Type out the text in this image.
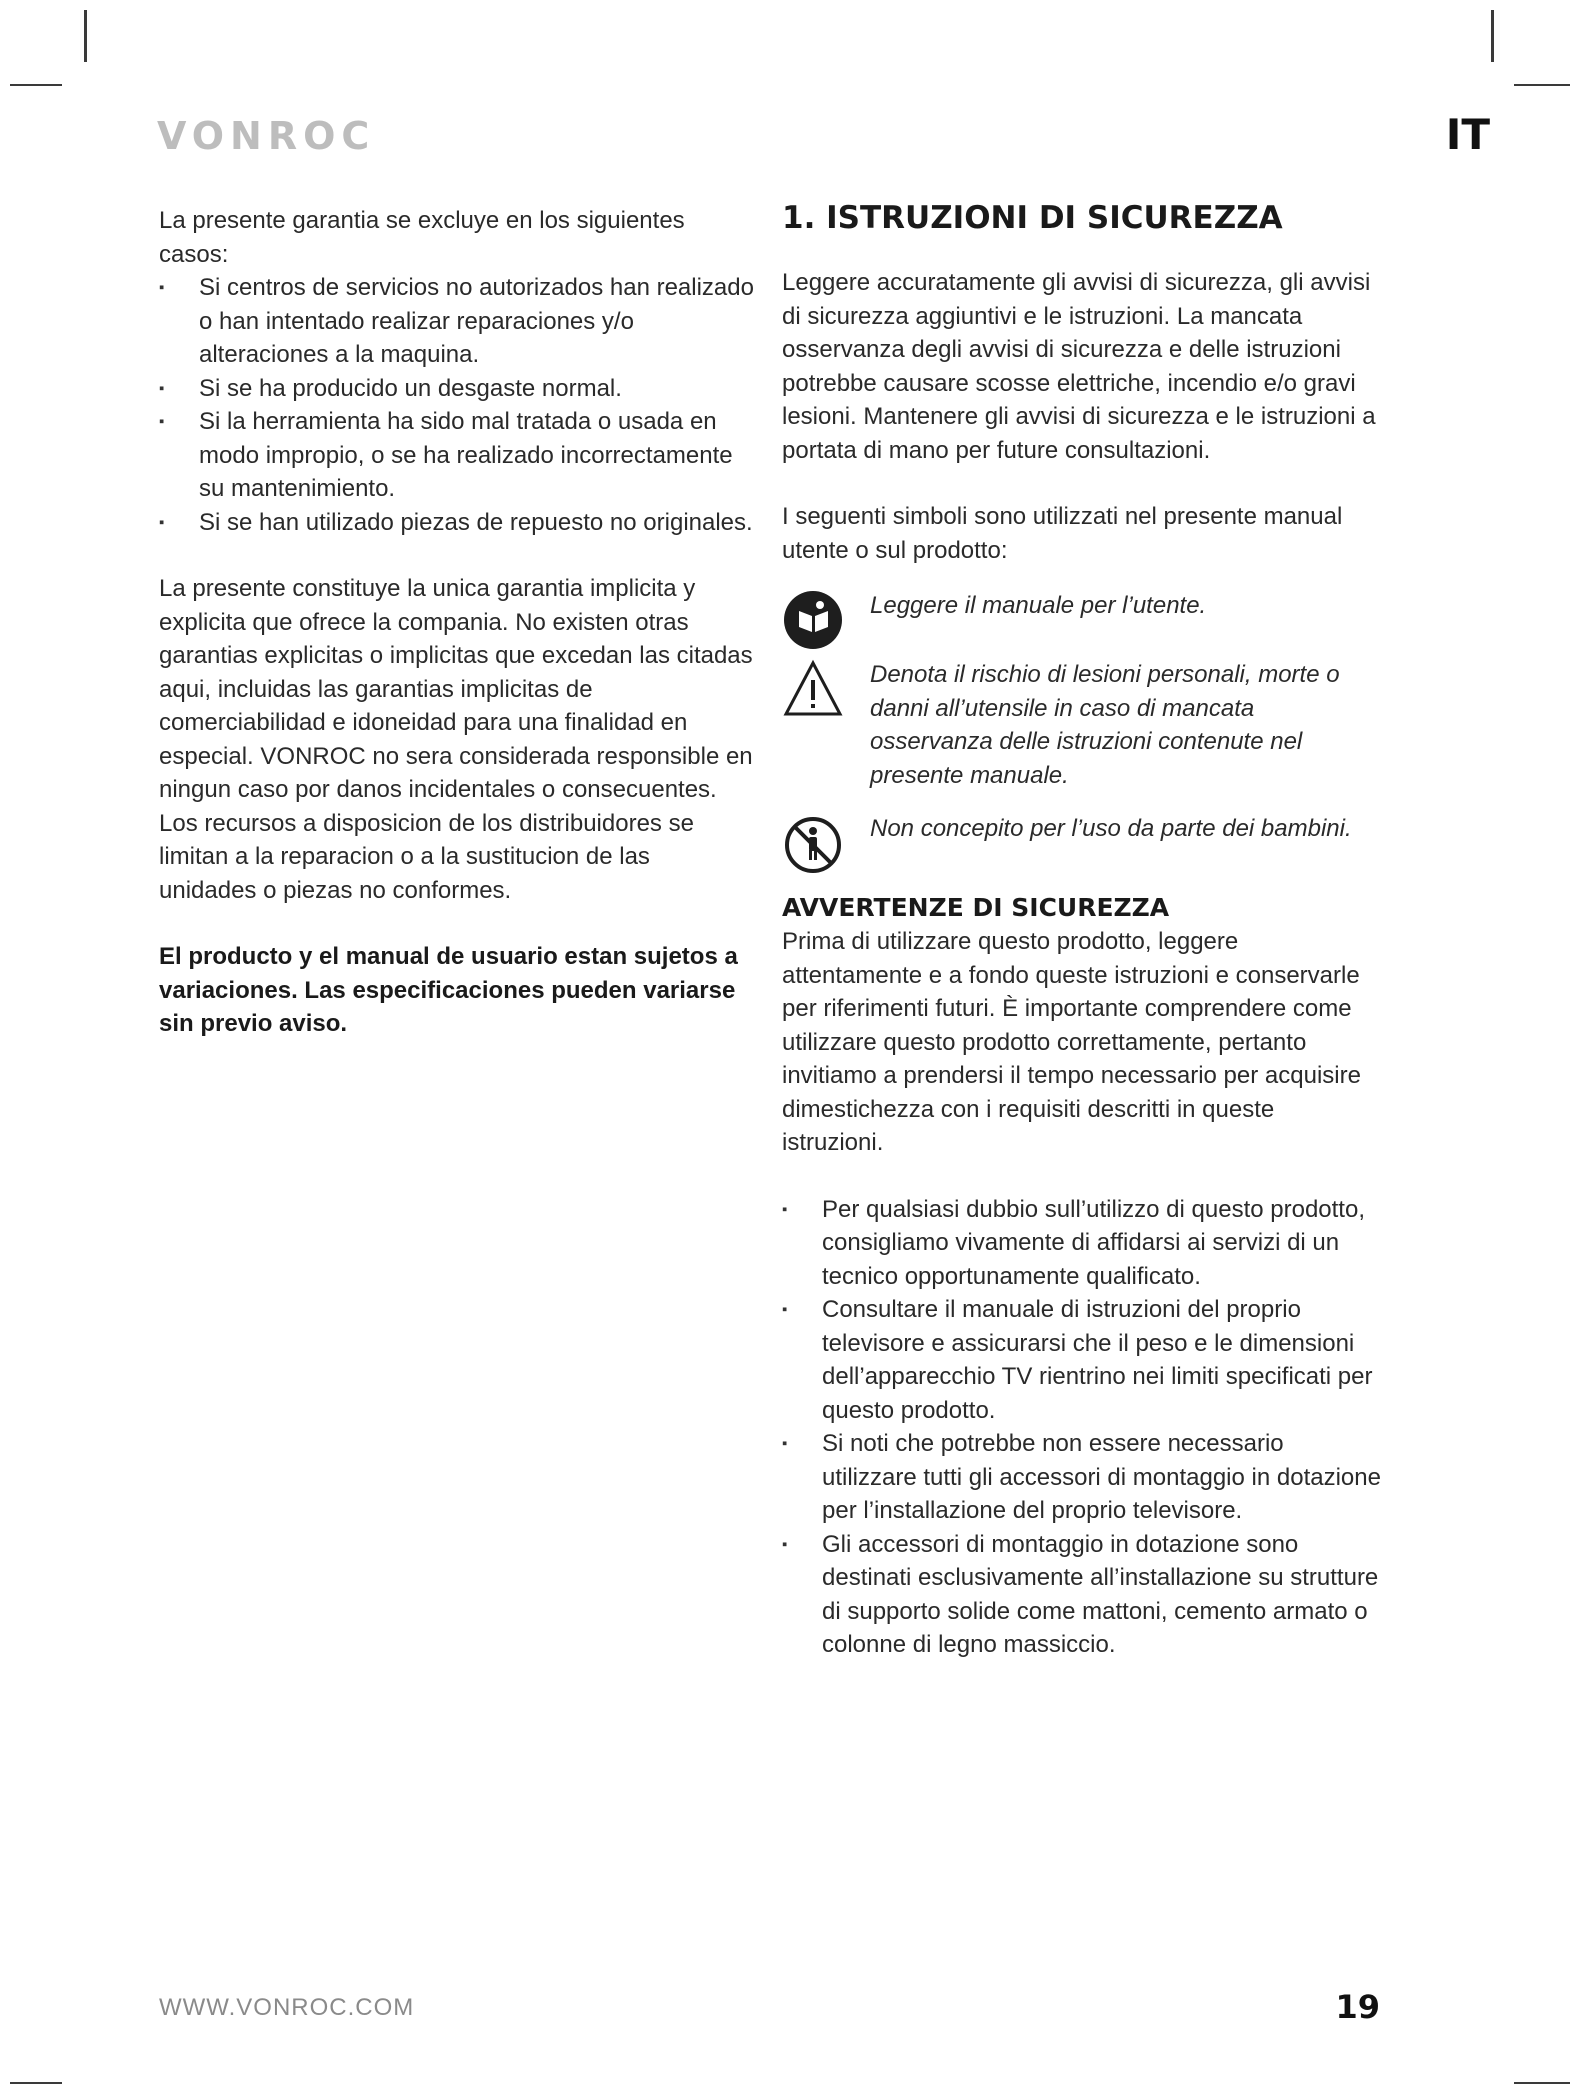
VONROC	IT

La presente garantia se excluye en los siguientes casos:

▪ Si centros de servicios no autorizados han realizado o han intentado realizar reparaciones y/o alteraciones a la maquina.
▪ Si se ha producido un desgaste normal.
▪ Si la herramienta ha sido mal tratada o usada en modo impropio, o se ha realizado incorrectamente su mantenimiento.
▪ Si se han utilizado piezas de repuesto no originales.

La presente constituye la unica garantia implicita y explicita que ofrece la compania. No existen otras garantias explicitas o implicitas que excedan las citadas aqui, incluidas las garantias implicitas de comerciabilidad e idoneidad para una finalidad en especial. VONROC no sera considerada responsible en ningun caso por danos incidentales o consecuentes.

Los recursos a disposicion de los distribuidores se limitan a la reparacion o a la sustitucion de las unidades o piezas no conformes.

El producto y el manual de usuario estan sujetos a variaciones. Las especificaciones pueden variarse sin previo aviso.

1. ISTRUZIONI DI SICUREZZA

Leggere accuratamente gli avvisi di sicurezza, gli avvisi di sicurezza aggiuntivi e le istruzioni. La mancata osservanza degli avvisi di sicurezza e delle istruzioni potrebbe causare scosse elettriche, incendio e/o gravi lesioni. Mantenere gli avvisi di sicurezza e le istruzioni a portata di mano per future consultazioni.

I seguenti simboli sono utilizzati nel presente manual utente o sul prodotto:

Leggere il manuale per l’utente.
Denota il rischio di lesioni personali, morte o danni all’utensile in caso di mancata osservanza delle istruzioni contenute nel presente manuale.
Non concepito per l’uso da parte dei bambini.
AVVERTENZE DI SICUREZZA

Prima di utilizzare questo prodotto, leggere attentamente e a fondo queste istruzioni e conservarle per riferimenti futuri. È importante comprendere come utilizzare questo prodotto correttamente, pertanto invitiamo a prendersi il tempo necessario per acquisire dimestichezza con i requisiti descritti in queste istruzioni.

▪ Per qualsiasi dubbio sull’utilizzo di questo prodotto, consigliamo vivamente di affidarsi ai servizi di un tecnico opportunamente qualificato.
▪ Consultare il manuale di istruzioni del proprio televisore e assicurarsi che il peso e le dimensioni dell’apparecchio TV rientrino nei limiti specificati per questo prodotto.
▪ Si noti che potrebbe non essere necessario utilizzare tutti gli accessori di montaggio in dotazione per l’installazione del proprio televisore.
▪ Gli accessori di montaggio in dotazione sono destinati esclusivamente all’installazione su strutture di supporto solide come mattoni, cemento armato o colonne di legno massiccio.
WWW.VONROC.COM	19
